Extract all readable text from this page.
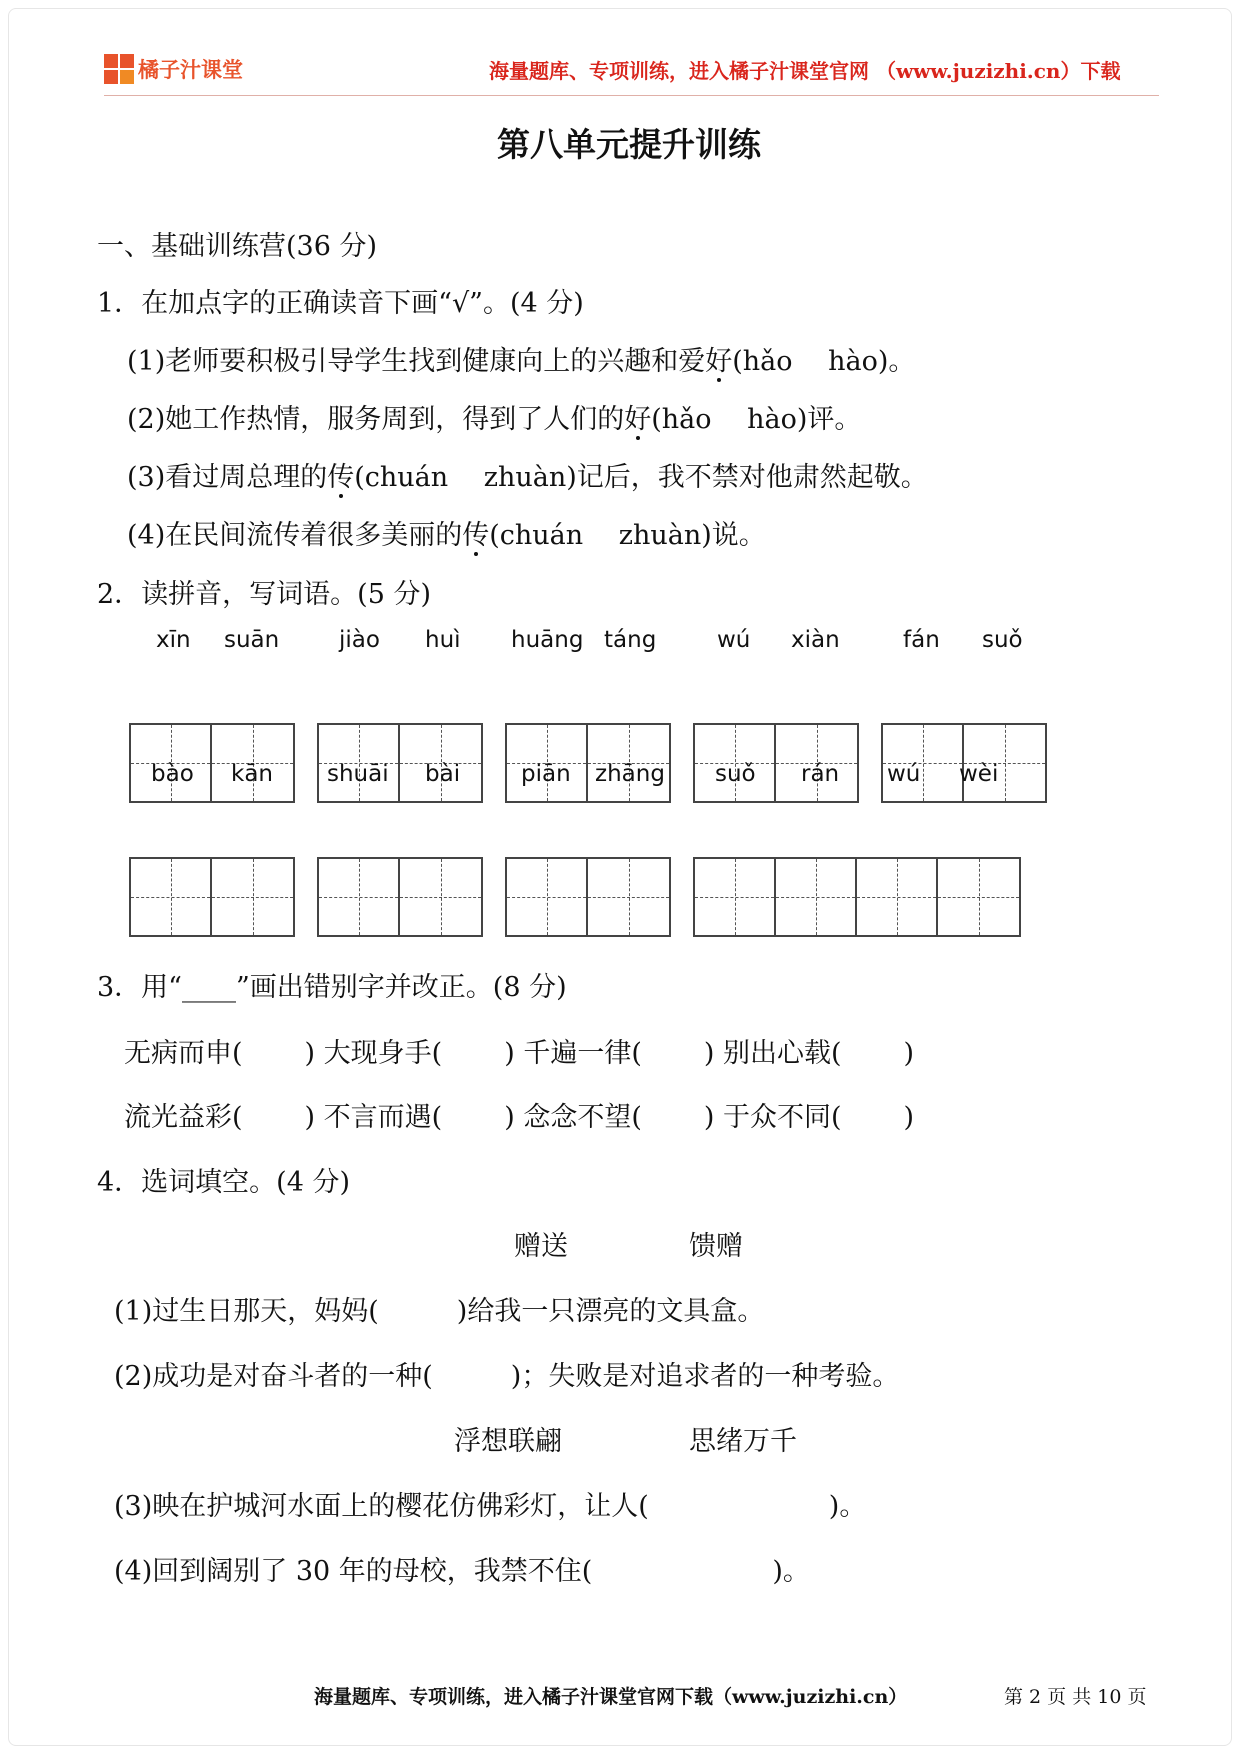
橘子汁课堂	海量题库、专项训练，进入橘子汁课堂官网 （www.juzizhi.cn）下载
第八单元提升训练
一、基础训练营(36 分)
1．在加点字的正确读音下画“√”。(4 分)
(1)老师要积极引导学生找到健康向上的兴趣和爱好(hǎo　 hào)。
(2)她工作热情，服务周到，得到了人们的好(hǎo　 hào)评。
(3)看过周总理的传(chuán　 zhuàn)记后，我不禁对他肃然起敬。
(4)在民间流传着很多美丽的传(chuán　 zhuàn)说。
2．读拼音，写词语。(5 分)
xīn suān	jiào huì huāng táng	wú xiàn	fán suǒ
bào kān shuāi bài	piān zhāng suǒ rán wú wèi
3．用“____”画出错别字并改正。(8 分)
无病而申( ) 大现身手( ) 千遍一律( ) 别出心载( )
流光益彩( ) 不言而遇( ) 念念不望( ) 于众不同( )
4．选词填空。(4 分)
赠送	馈赠
(1)过生日那天，妈妈(	)给我一只漂亮的文具盒。
(2)成功是对奋斗者的一种(	)；失败是对追求者的一种考验。
浮想联翩	思绪万千
(3)映在护城河水面上的樱花仿佛彩灯，让人(	)。
(4)回到阔别了 30 年的母校，我禁不住(	)。
海量题库、专项训练，进入橘子汁课堂官网下载（www.juzizhi.cn）	第 2 页 共 10 页
